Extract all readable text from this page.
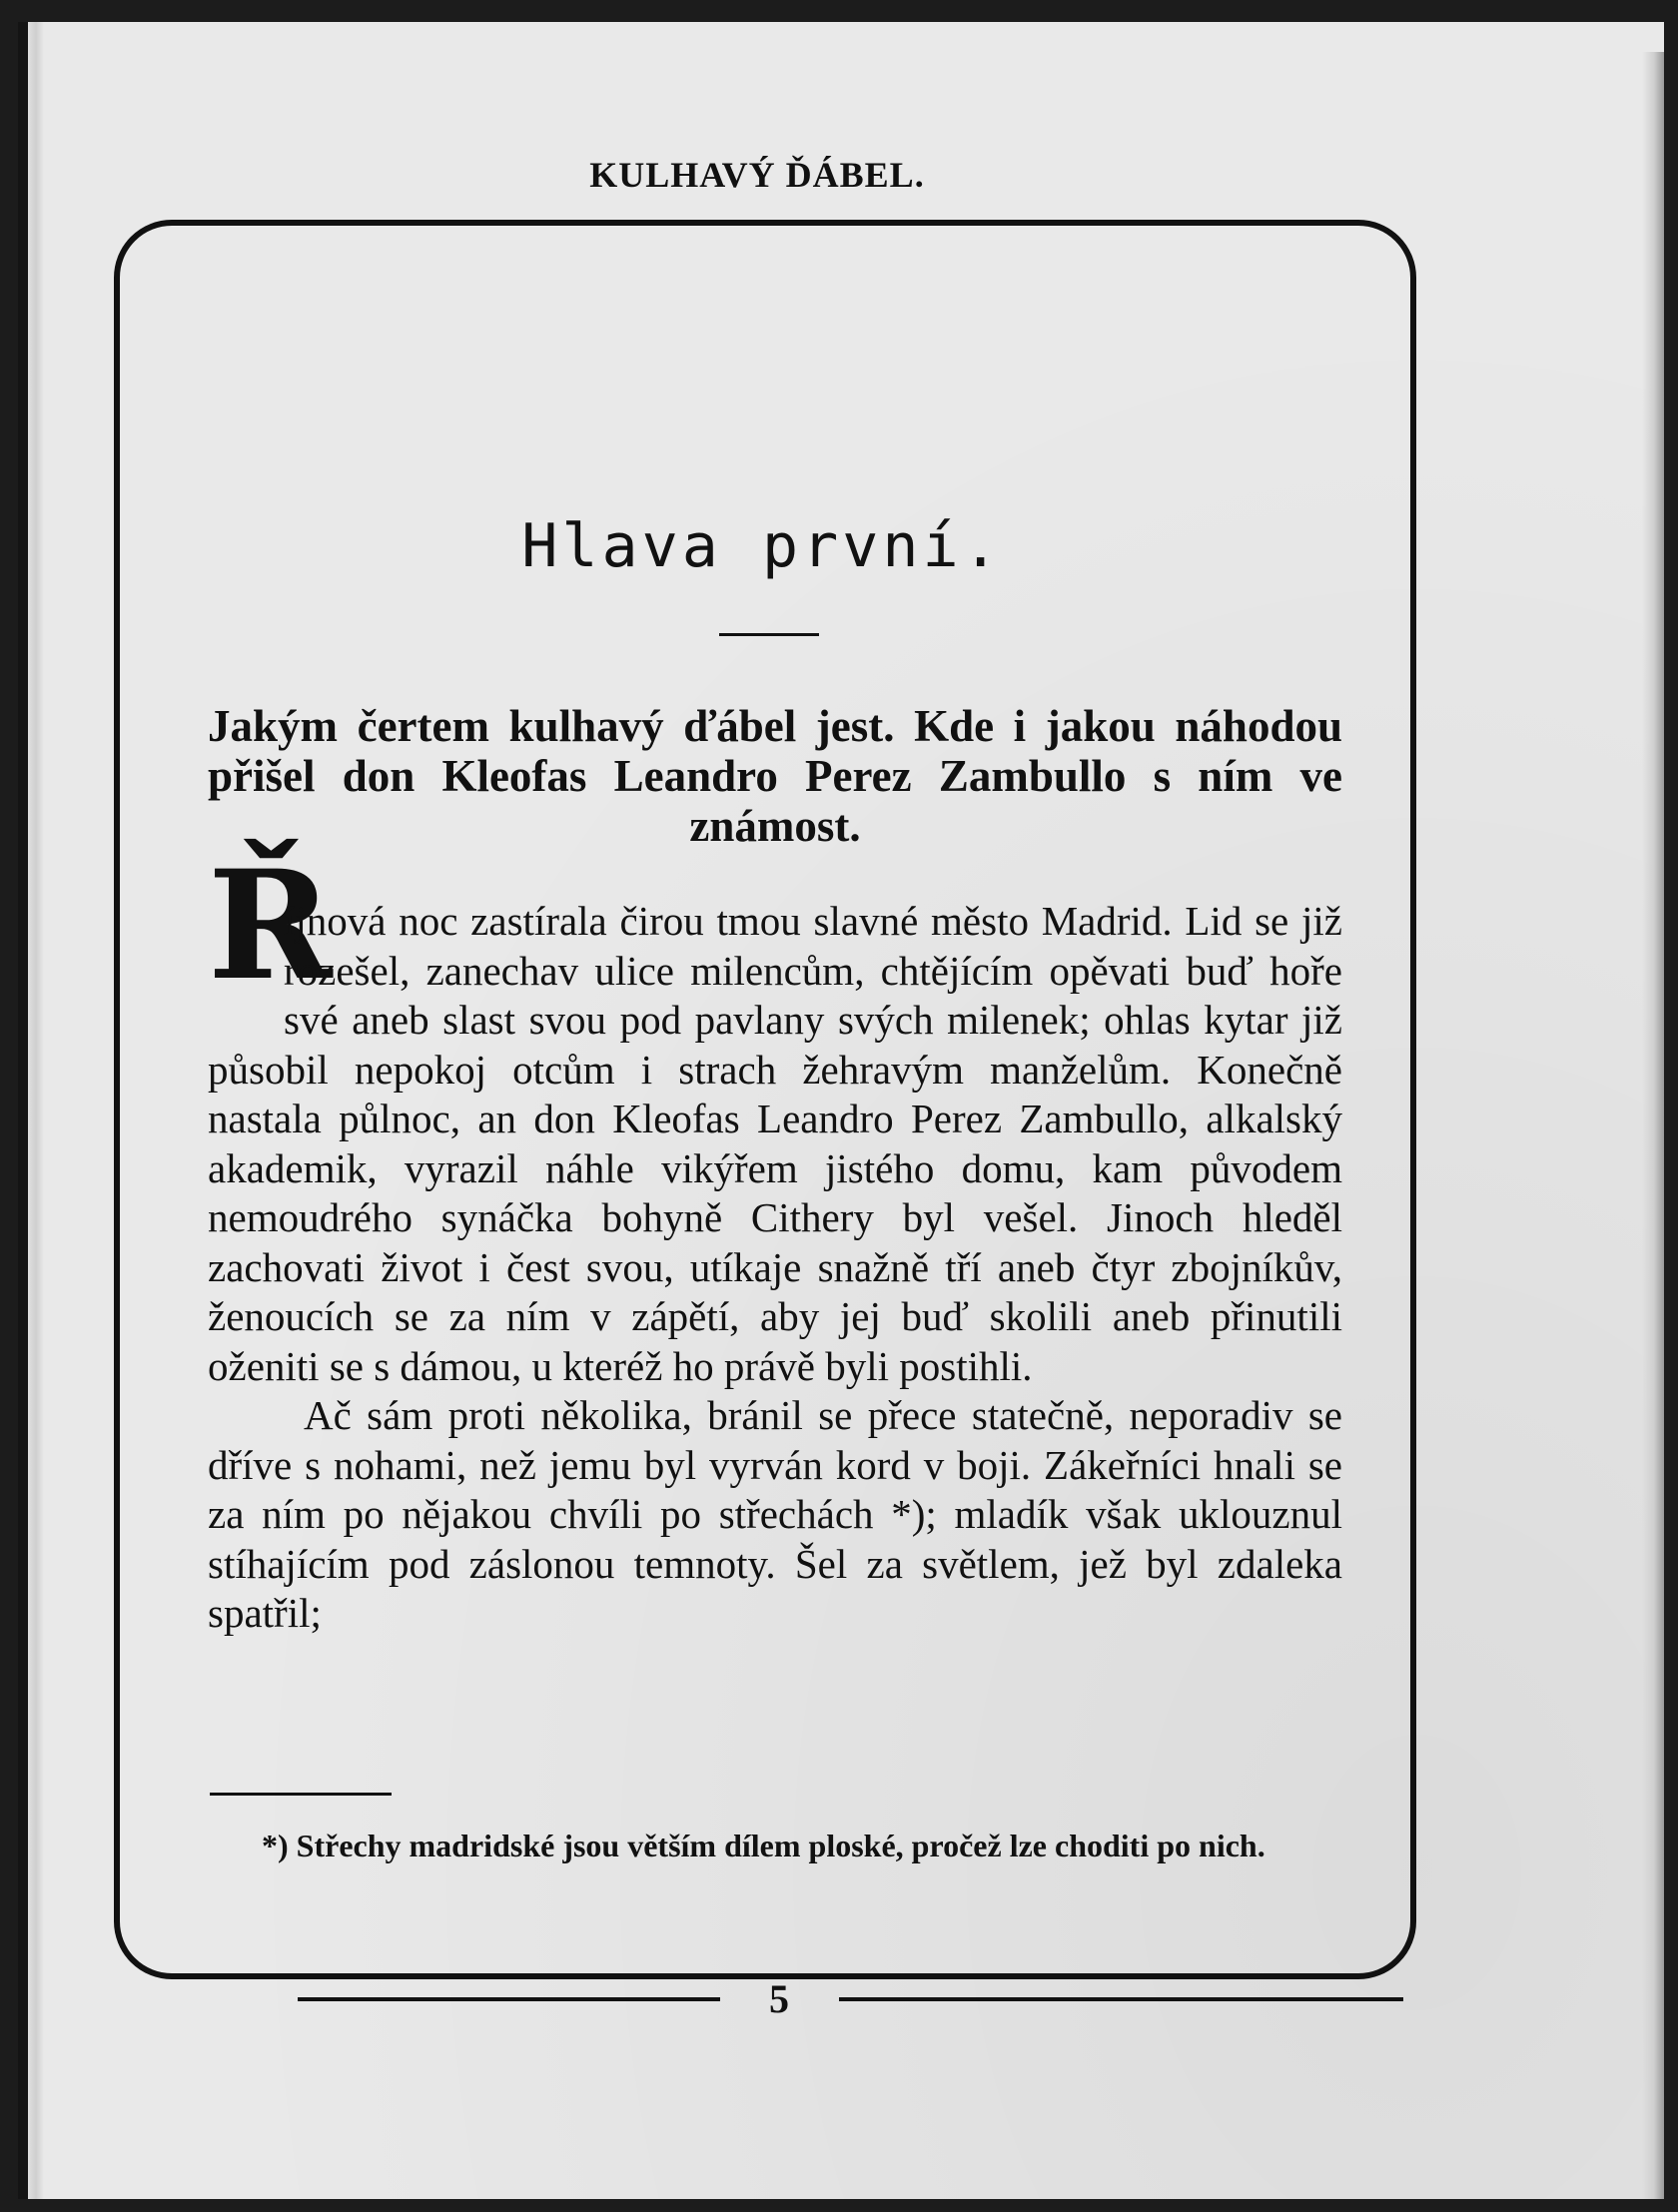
KULHAVÝ ĎÁBEL.
Hlava první.
Jakým čertem kulhavý ďábel jest. Kde i jakou náhodou přišel don Kleofas Leandro Perez Zambullo s ním ve známost.

Ř
íjnová noc zastírala čirou tmou slavné město Madrid. Lid se již rozešel, zanechav ulice milencům, chtějícím opěvati buď hoře své aneb slast svou pod pavlany svých milenek; ohlas kytar již působil nepokoj otcům i strach žehravým manželům. Konečně nastala půlnoc, an don Kleofas Leandro Perez Zambullo, alkalský akademik, vyrazil náhle vikýřem jistého domu, kam původem nemoudrého synáčka bohyně Cithery byl vešel. Jinoch hleděl zachovati život i čest svou, utíkaje snažně tří aneb čtyr zbojníkův, ženoucích se za ním v zápětí, aby jej buď skolili aneb přinutili oženiti se s dámou, u kteréž ho právě byli postihli.

Ač sám proti několika, bránil se přece statečně, neporadiv se dříve s nohami, než jemu byl vyrván kord v boji. Zákeřníci hnali se za ním po nějakou chvíli po střechách *); mladík však uklouznul stíhajícím pod záslonou temnoty. Šel za světlem, jež byl zdaleka spatřil;

*) Střechy madridské jsou větším dílem ploské, pročež lze choditi po nich.
5
